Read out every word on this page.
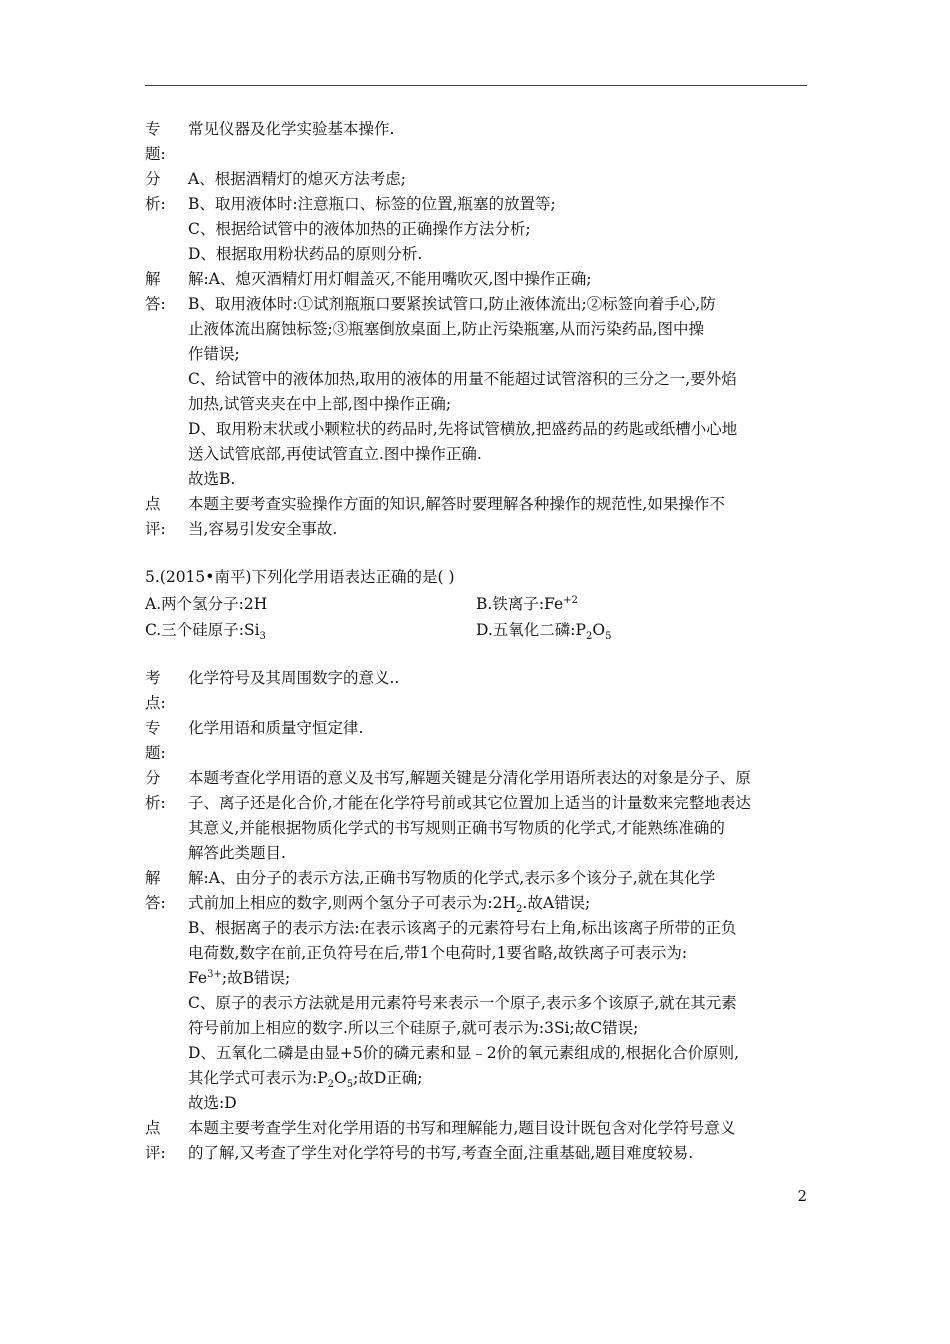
专	常见仪器及化学实验基本操作.
题:
分	A、根据酒精灯的熄灭方法考虑;
析:	B、取用液体时:注意瓶口、标签的位置,瓶塞的放置等;
C、根据给试管中的液体加热的正确操作方法分析;
D、根据取用粉状药品的原则分析.
解	解:A、熄灭酒精灯用灯帽盖灭,不能用嘴吹灭,图中操作正确;
答:	B、取用液体时:①试剂瓶瓶口要紧挨试管口,防止液体流出;②标签向着手心,防
止液体流出腐蚀标签;③瓶塞倒放桌面上,防止污染瓶塞,从而污染药品,图中操
作错误;
C、给试管中的液体加热,取用的液体的用量不能超过试管溶积的三分之一,要外焰
加热,试管夹夹在中上部,图中操作正确;
D、取用粉末状或小颗粒状的药品时,先将试管横放,把盛药品的药匙或纸槽小心地
送入试管底部,再使试管直立.图中操作正确.
故选B.
点	本题主要考查实验操作方面的知识,解答时要理解各种操作的规范性,如果操作不
评:	当,容易引发安全事故.
5.(2015•南平)下列化学用语表达正确的是( )
A.两个氢分子:2H	B.铁离子$:Fe^{+2}$
C.三个硅原子$:Si_3$	D.五氧化二磷$:P_2O_5$
考	化学符号及其周围数字的意义..
点:
专	化学用语和质量守恒定律.
题:
分	本题考查化学用语的意义及书写,解题关键是分清化学用语所表达的对象是分子、原
析:	子、离子还是化合价,才能在化学符号前或其它位置加上适当的计量数来完整地表达
其意义,并能根据物质化学式的书写规则正确书写物质的化学式,才能熟练准确的
解答此类题目.
解	解:A、由分子的表示方法,正确书写物质的化学式,表示多个该分子,就在其化学
答:	式前加上相应的数字,则两个氢分子可表示为$:2H_2$.故A错误;
B、根据离子的表示方法:在表示该离子的元素符号右上角,标出该离子所带的正负
电荷数,数字在前,正负符号在后,带1个电荷时,1要省略,故铁离子可表示为:
$Fe^{3+}$;故B错误;
C、原子的表示方法就是用元素符号来表示一个原子,表示多个该原子,就在其元素
符号前加上相应的数字.所以三个硅原子,就可表示为:3Si;故C错误;
D、五氧化二磷是由显+5价的磷元素和显﹣2价的氧元素组成的,根据化合价原则,
其化学式可表示为$:P_2O_5$;故D正确;
故选:D
点	本题主要考查学生对化学用语的书写和理解能力,题目设计既包含对化学符号意义
评:	的了解,又考查了学生对化学符号的书写,考查全面,注重基础,题目难度较易.
2
